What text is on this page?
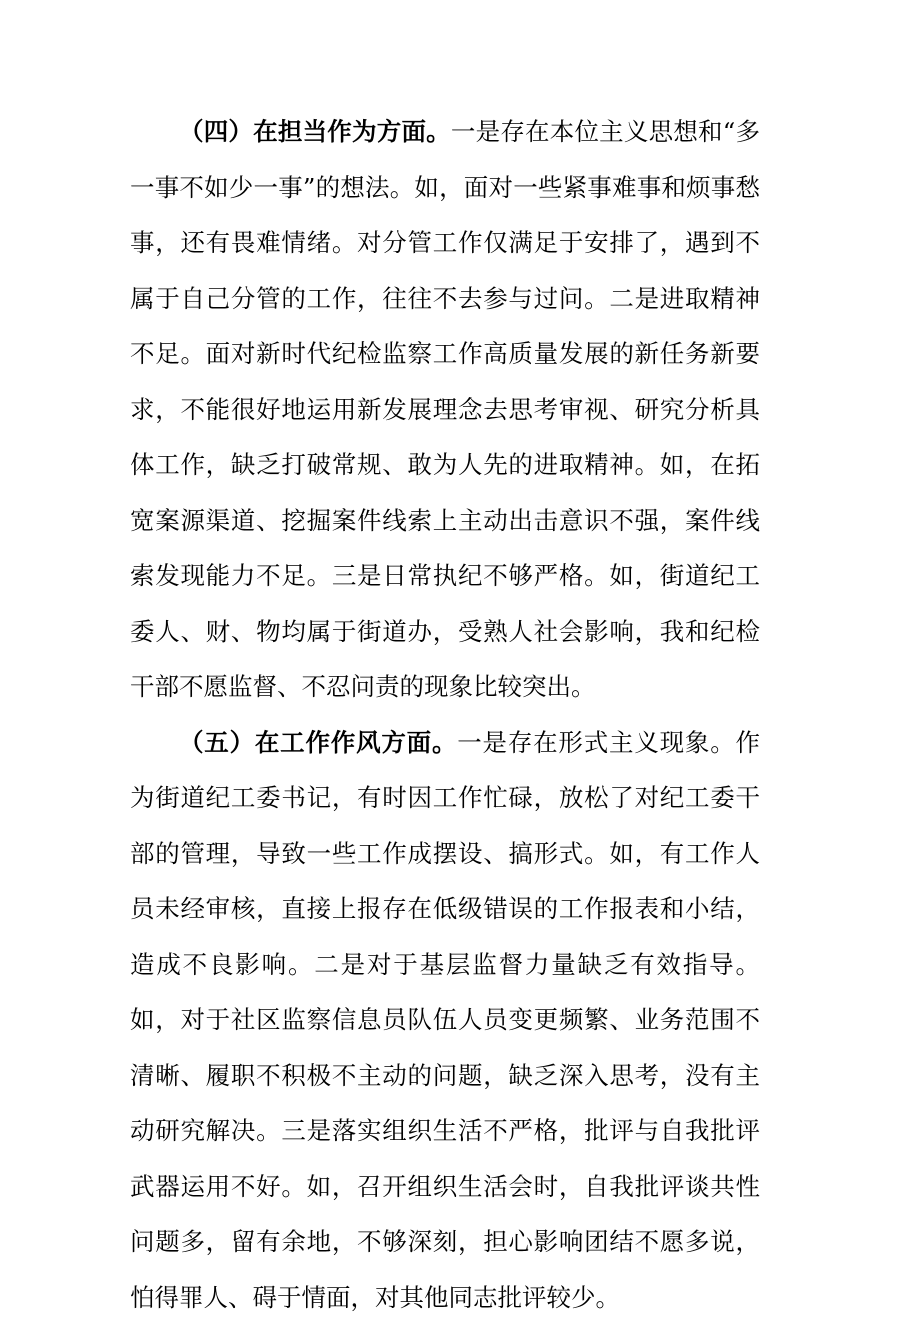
（四）在担当作为方面。一是存在本位主义思想和“多一事不如少一事”的想法。如，面对一些紧事难事和烦事愁事，还有畏难情绪。对分管工作仅满足于安排了，遇到不属于自己分管的工作，往往不去参与过问。二是进取精神不足。面对新时代纪检监察工作高质量发展的新任务新要求，不能很好地运用新发展理念去思考审视、研究分析具体工作，缺乏打破常规、敢为人先的进取精神。如，在拓宽案源渠道、挖掘案件线索上主动出击意识不强，案件线索发现能力不足。三是日常执纪不够严格。如，街道纪工委人、财、物均属于街道办，受熟人社会影响，我和纪检干部不愿监督、不忍问责的现象比较突出。

（五）在工作作风方面。一是存在形式主义现象。作为街道纪工委书记，有时因工作忙碌，放松了对纪工委干部的管理，导致一些工作成摆设、搞形式。如，有工作人员未经审核，直接上报存在低级错误的工作报表和小结，造成不良影响。二是对于基层监督力量缺乏有效指导。如，对于社区监察信息员队伍人员变更频繁、业务范围不清晰、履职不积极不主动的问题，缺乏深入思考，没有主动研究解决。三是落实组织生活不严格，批评与自我批评武器运用不好。如，召开组织生活会时，自我批评谈共性问题多，留有余地，不够深刻，担心影响团结不愿多说，怕得罪人、碍于情面，对其他同志批评较少。
